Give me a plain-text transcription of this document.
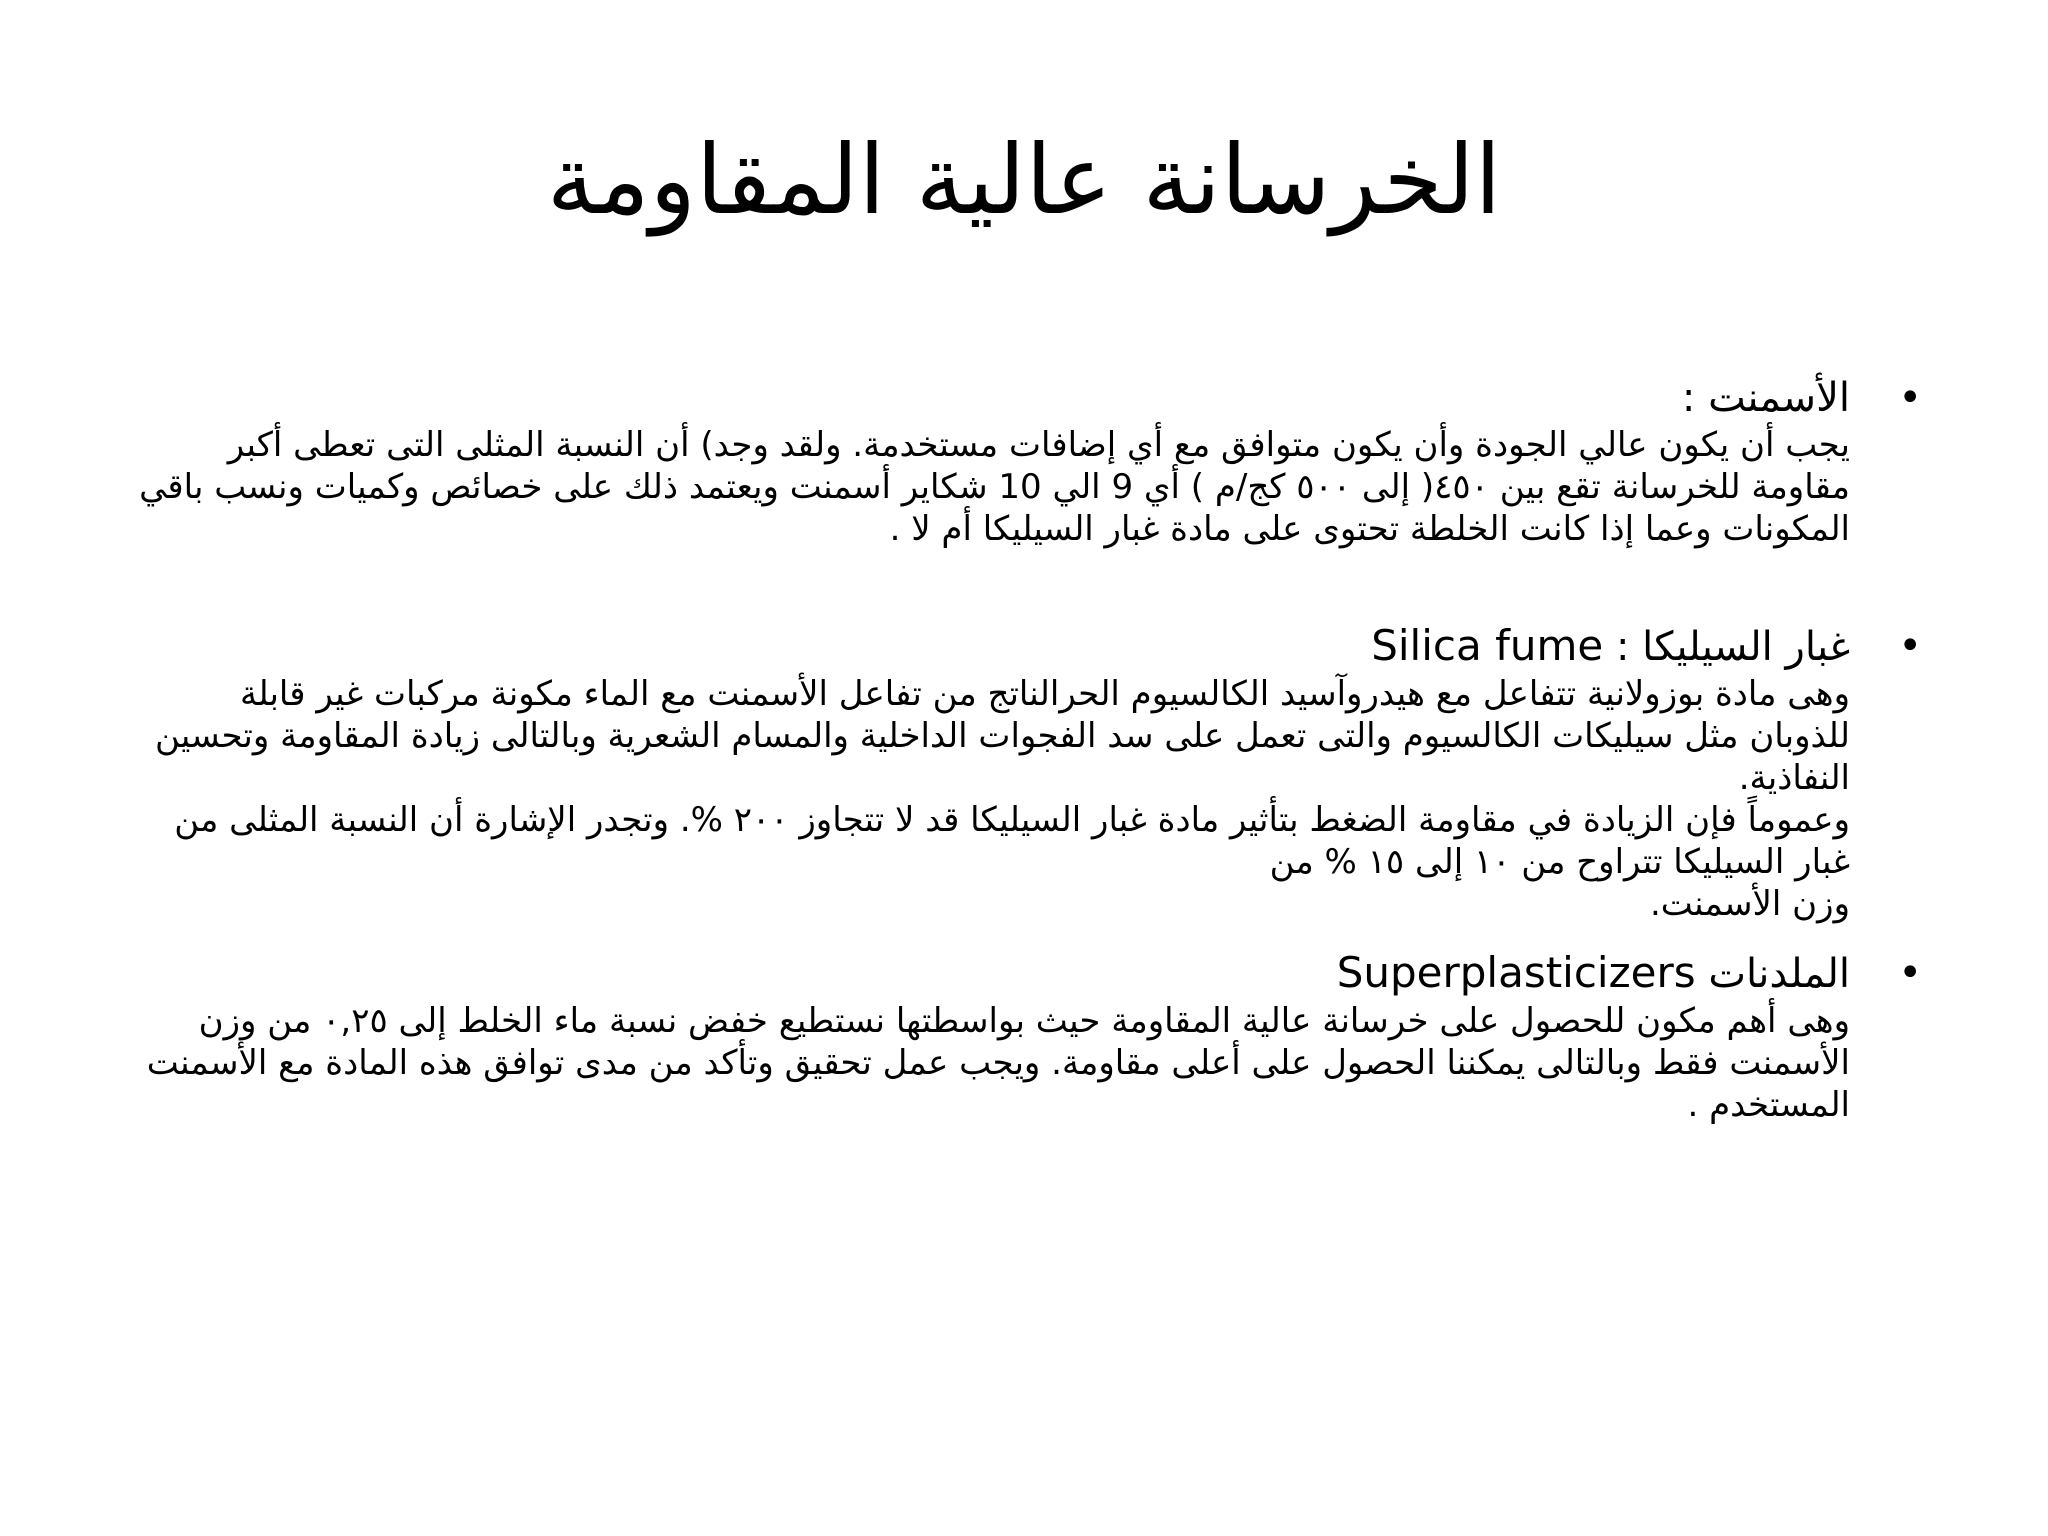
الخرسانة عالية المقاومة
•
الأسمنت :

يجب أن يكون عالي الجودة وأن يكون متوافق مع أي إضافات مستخدمة. ولقد وجد) أن النسبة المثلى التى تعطى أكبر مقاومة للخرسانة تقع بين ٤٥٠( إلى ٥٠٠ كج/م ) أي 9 الي 10 شكاير أسمنت ويعتمد ذلك على خصائص وكميات ونسب باقي المكونات وعما إذا كانت الخلطة تحتوى على مادة غبار السيليكا أم لا .

•
غبار السيليكا : Silica fume

وهى مادة بوزولانية تتفاعل مع هيدروآسيد الكالسيوم الحرالناتج من تفاعل الأسمنت مع الماء مكونة مركبات غير قابلة للذوبان مثل سيليكات الكالسيوم والتى تعمل على سد الفجوات الداخلية والمسام الشعرية وبالتالى زيادة المقاومة وتحسين النفاذية.

وعموماً فإن الزيادة في مقاومة الضغط بتأثير مادة غبار السيليكا قد لا تتجاوز ٢٠٠ %. وتجدر الإشارة أن النسبة المثلى من غبار السيليكا تتراوح من ١٠ إلى ١٥ % من

وزن الأسمنت.

•
الملدنات Superplasticizers

وهى أهم مكون للحصول على خرسانة عالية المقاومة حيث بواسطتها نستطيع خفض نسبة ماء الخلط إلى ٠,٢٥ من وزن الأسمنت فقط وبالتالى يمكننا الحصول على أعلى مقاومة. ويجب عمل تحقيق وتأكد من مدى توافق هذه المادة مع الأسمنت المستخدم .
